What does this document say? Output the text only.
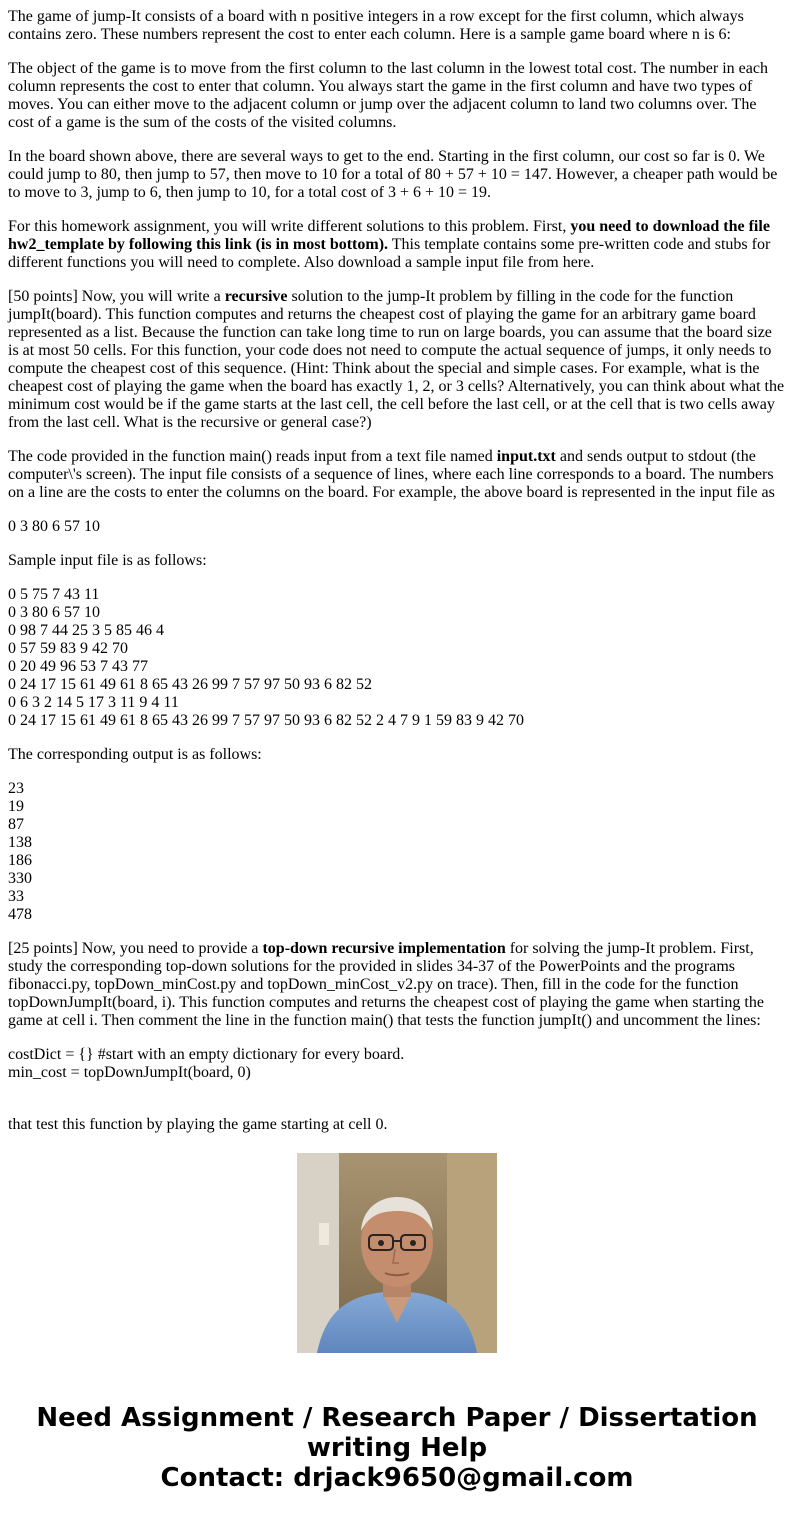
The game of jump-It consists of a board with n positive integers in a row except for the first column, which always contains zero. These numbers represent the cost to enter each column. Here is a sample game board where n is 6:

The object of the game is to move from the first column to the last column in the lowest total cost. The number in each column represents the cost to enter that column. You always start the game in the first column and have two types of moves. You can either move to the adjacent column or jump over the adjacent column to land two columns over. The cost of a game is the sum of the costs of the visited columns.

In the board shown above, there are several ways to get to the end. Starting in the first column, our cost so far is 0. We could jump to 80, then jump to 57, then move to 10 for a total of 80 + 57 + 10 = 147. However, a cheaper path would be to move to 3, jump to 6, then jump to 10, for a total cost of 3 + 6 + 10 = 19.

For this homework assignment, you will write different solutions to this problem. First, you need to download the file hw2_template by following this link (is in most bottom). This template contains some pre-written code and stubs for different functions you will need to complete. Also download a sample input file from here.

[50 points] Now, you will write a recursive solution to the jump-It problem by filling in the code for the function jumpIt(board). This function computes and returns the cheapest cost of playing the game for an arbitrary game board represented as a list. Because the function can take long time to run on large boards, you can assume that the board size is at most 50 cells. For this function, your code does not need to compute the actual sequence of jumps, it only needs to compute the cheapest cost of this sequence. (Hint: Think about the special and simple cases. For example, what is the cheapest cost of playing the game when the board has exactly 1, 2, or 3 cells? Alternatively, you can think about what the minimum cost would be if the game starts at the last cell, the cell before the last cell, or at the cell that is two cells away from the last cell. What is the recursive or general case?)

The code provided in the function main() reads input from a text file named input.txt and sends output to stdout (the computer\'s screen). The input file consists of a sequence of lines, where each line corresponds to a board. The numbers on a line are the costs to enter the columns on the board. For example, the above board is represented in the input file as

0 3 80 6 57 10

Sample input file is as follows:

0 5 75 7 43 11
0 3 80 6 57 10
0 98 7 44 25 3 5 85 46 4
0 57 59 83 9 42 70
0 20 49 96 53 7 43 77
0 24 17 15 61 49 61 8 65 43 26 99 7 57 97 50 93 6 82 52
0 6 3 2 14 5 17 3 11 9 4 11
0 24 17 15 61 49 61 8 65 43 26 99 7 57 97 50 93 6 82 52 2 4 7 9 1 59 83 9 42 70

The corresponding output is as follows:

23
19
87
138
186
330
33
478

[25 points] Now, you need to provide a top-down recursive implementation for solving the jump-It problem. First, study the corresponding top-down solutions for the provided in slides 34-37 of the PowerPoints and the programs fibonacci.py, topDown_minCost.py and topDown_minCost_v2.py on trace). Then, fill in the code for the function topDownJumpIt(board, i). This function computes and returns the cheapest cost of playing the game when starting the game at cell i. Then comment the line in the function main() that tests the function jumpIt() and uncomment the lines:

costDict = {} #start with an empty dictionary for every board.
min_cost = topDownJumpIt(board, 0)

that test this function by playing the game starting at cell 0.

Need Assignment / Research Paper / Dissertation
writing Help
Contact: drjack9650@gmail.com
